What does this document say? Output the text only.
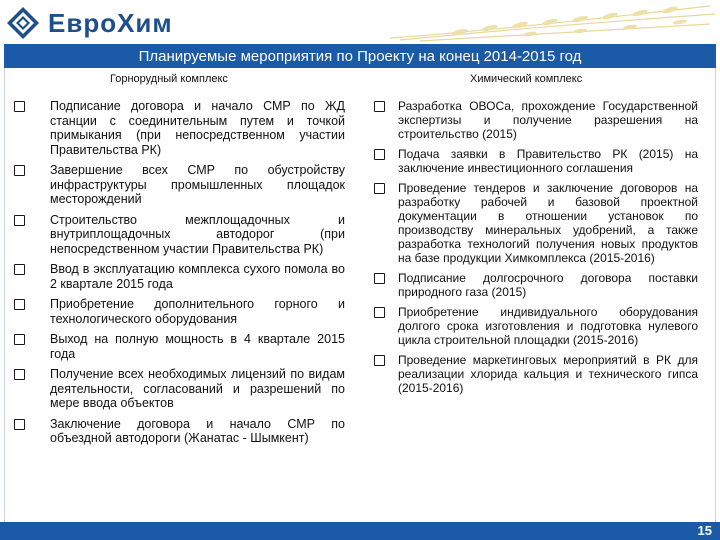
ЕвроХим
Планируемые мероприятия по Проекту на конец 2014-2015 год
Горнорудный комплекс	Химический комплекс
Подписание договора и начало СМР по ЖД станции с соединительным путем и точкой примыкания (при непосредственном участии Правительства РК)
Завершение всех СМР по обустройству инфраструктуры промышленных площадок месторождений
Строительство межплощадочных и внутриплощадочных автодорог (при непосредственном участии Правительства РК)
Ввод в эксплуатацию комплекса сухого помола во 2 квартале 2015 года
Приобретение дополнительного горного и технологического оборудования
Выход на полную мощность в 4 квартале 2015 года
Получение всех необходимых лицензий по видам деятельности, согласований и разрешений по мере ввода объектов
Заключение договора и начало СМР по объездной автодороги (Жанатас - Шымкент)
Разработка ОВОСа, прохождение Государственной экспертизы и получение разрешения на строительство (2015)
Подача заявки в Правительство РК (2015) на заключение инвестиционного соглашения
Проведение тендеров и заключение договоров на разработку рабочей и базовой проектной документации в отношении установок по производству минеральных удобрений, а также разработка технологий получения новых продуктов на базе продукции Химкомплекса (2015-2016)
Подписание долгосрочного договора поставки природного газа (2015)
Приобретение индивидуального оборудования долгого срока изготовления и подготовка нулевого цикла строительной площадки (2015-2016)
Проведение маркетинговых мероприятий в РК для реализации хлорида кальция и технического гипса (2015-2016)
15
